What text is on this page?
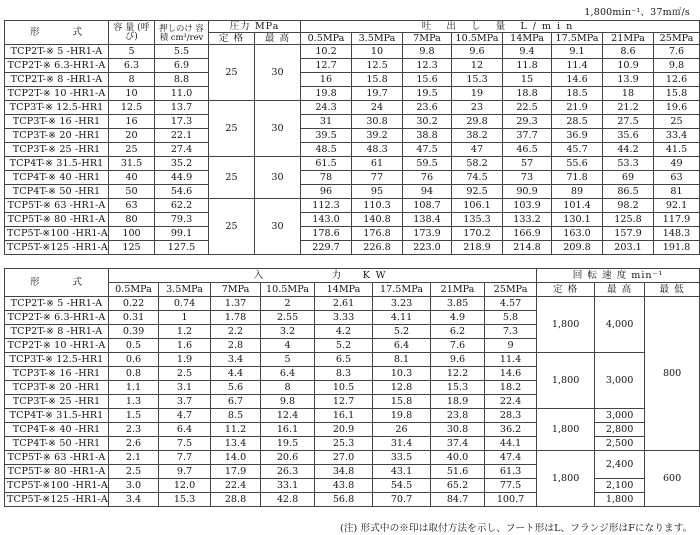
1,800min⁻¹、37m㎡/s
形　　　式	容 量 (呼び)	押しのけ 容 積 cm³/rev	圧力 MPa		吐 出 し 量 L/min							
			定 格	最 高	0.5MPa	3.5MPa	7MPa	10.5MPa	14MPa	17.5MPa	21MPa	25MPa
TCP2T-※ 5 -HR1-A	5	5.5	25	30	10.2	10	9.8	9.6	9.4	9.1	8.6	7.6
TCP2T-※ 6.3-HR1-A	6.3	6.9			12.7	12.5	12.3	12	11.8	11.4	10.9	9.8
TCP2T-※ 8 -HR1-A	8	8.8			16	15.8	15.6	15.3	15	14.6	13.9	12.6
TCP2T-※ 10 -HR1-A	10	11.0			19.8	19.7	19.5	19	18.8	18.5	18	15.8
TCP3T-※ 12.5-HR1	12.5	13.7	25	30	24.3	24	23.6	23	22.5	21.9	21.2	19.6
TCP3T-※ 16 -HR1	16	17.3			31	30.8	30.2	29.8	29.3	28.5	27.5	25
TCP3T-※ 20 -HR1	20	22.1			39.5	39.2	38.8	38.2	37.7	36.9	35.6	33.4
TCP3T-※ 25 -HR1	25	27.4			48.5	48.3	47.5	47	46.5	45.7	44.2	41.5
TCP4T-※ 31.5-HR1	31.5	35.2	25	30	61.5	61	59.5	58.2	57	55.6	53.3	49
TCP4T-※ 40 -HR1	40	44.9			78	77	76	74.5	73	71.8	69	63
TCP4T-※ 50 -HR1	50	54.6			96	95	94	92.5	90.9	89	86.5	81
TCP5T-※ 63 -HR1-A	63	62.2	25	30	112.3	110.3	108.7	106.1	103.9	101.4	98.2	92.1
TCP5T-※ 80 -HR1-A	80	79.3			143.0	140.8	138.4	135.3	133.2	130.1	125.8	117.9
TCP5T-※100 -HR1-A	100	99.1			178.6	176.8	173.9	170.2	166.9	163.0	157.9	148.3
TCP5T-※125 -HR1-A	125	127.5			229.7	226.8	223.0	218.9	214.8	209.8	203.1	191.8
形　　　式	入　　　　力　KW								回 転 速 度 min⁻¹		
	0.5MPa	3.5MPa	7MPa	10.5MPa	14MPa	17.5MPa	21MPa	25MPa	定 格	最 高	最 低
TCP2T-※ 5 -HR1-A	0.22	0.74	1.37	2	2.61	3.23	3.85	4.57	1,800	4,000	800
TCP2T-※ 6.3-HR1-A	0.31	1	1.78	2.55	3.33	4.11	4.9	5.8			
TCP2T-※ 8 -HR1-A	0.39	1.2	2.2	3.2	4.2	5.2	6.2	7.3			
TCP2T-※ 10 -HR1-A	0.5	1.6	2.8	4	5.2	6.4	7.6	9			
TCP3T-※ 12.5-HR1	0.6	1.9	3.4	5	6.5	8.1	9.6	11.4	1,800	3,000	
TCP3T-※ 16 -HR1	0.8	2.5	4.4	6.4	8.3	10.3	12.2	14.6			
TCP3T-※ 20 -HR1	1.1	3.1	5.6	8	10.5	12.8	15.3	18.2			
TCP3T-※ 25 -HR1	1.3	3.7	6.7	9.8	12.7	15.8	18.9	22.4			
TCP4T-※ 31.5-HR1	1.5	4.7	8.5	12.4	16.1	19.8	23.8	28.3	1,800	3,000	
TCP4T-※ 40 -HR1	2.3	6.4	11.2	16.1	20.9	26	30.8	36.2		2,800	
TCP4T-※ 50 -HR1	2.6	7.5	13.4	19.5	25.3	31.4	37.4	44.1		2,500	
TCP5T-※ 63 -HR1-A	2.1	7.7	14.0	20.6	27.0	33.5	40.0	47.4	1,800	2,400	600
TCP5T-※ 80 -HR1-A	2.5	9.7	17.9	26.3	34.8	43.1	51.6	61.3			
TCP5T-※100 -HR1-A	3.0	12.0	22.4	33.1	43.8	54.5	65.2	77.5		2,100	
TCP5T-※125 -HR1-A	3.4	15.3	28.8	42.8	56.8	70.7	84.7	100.7		1,800	
(注) 形式中の※印は取付方法を示し、フート形はL、フランジ形はFになります。
